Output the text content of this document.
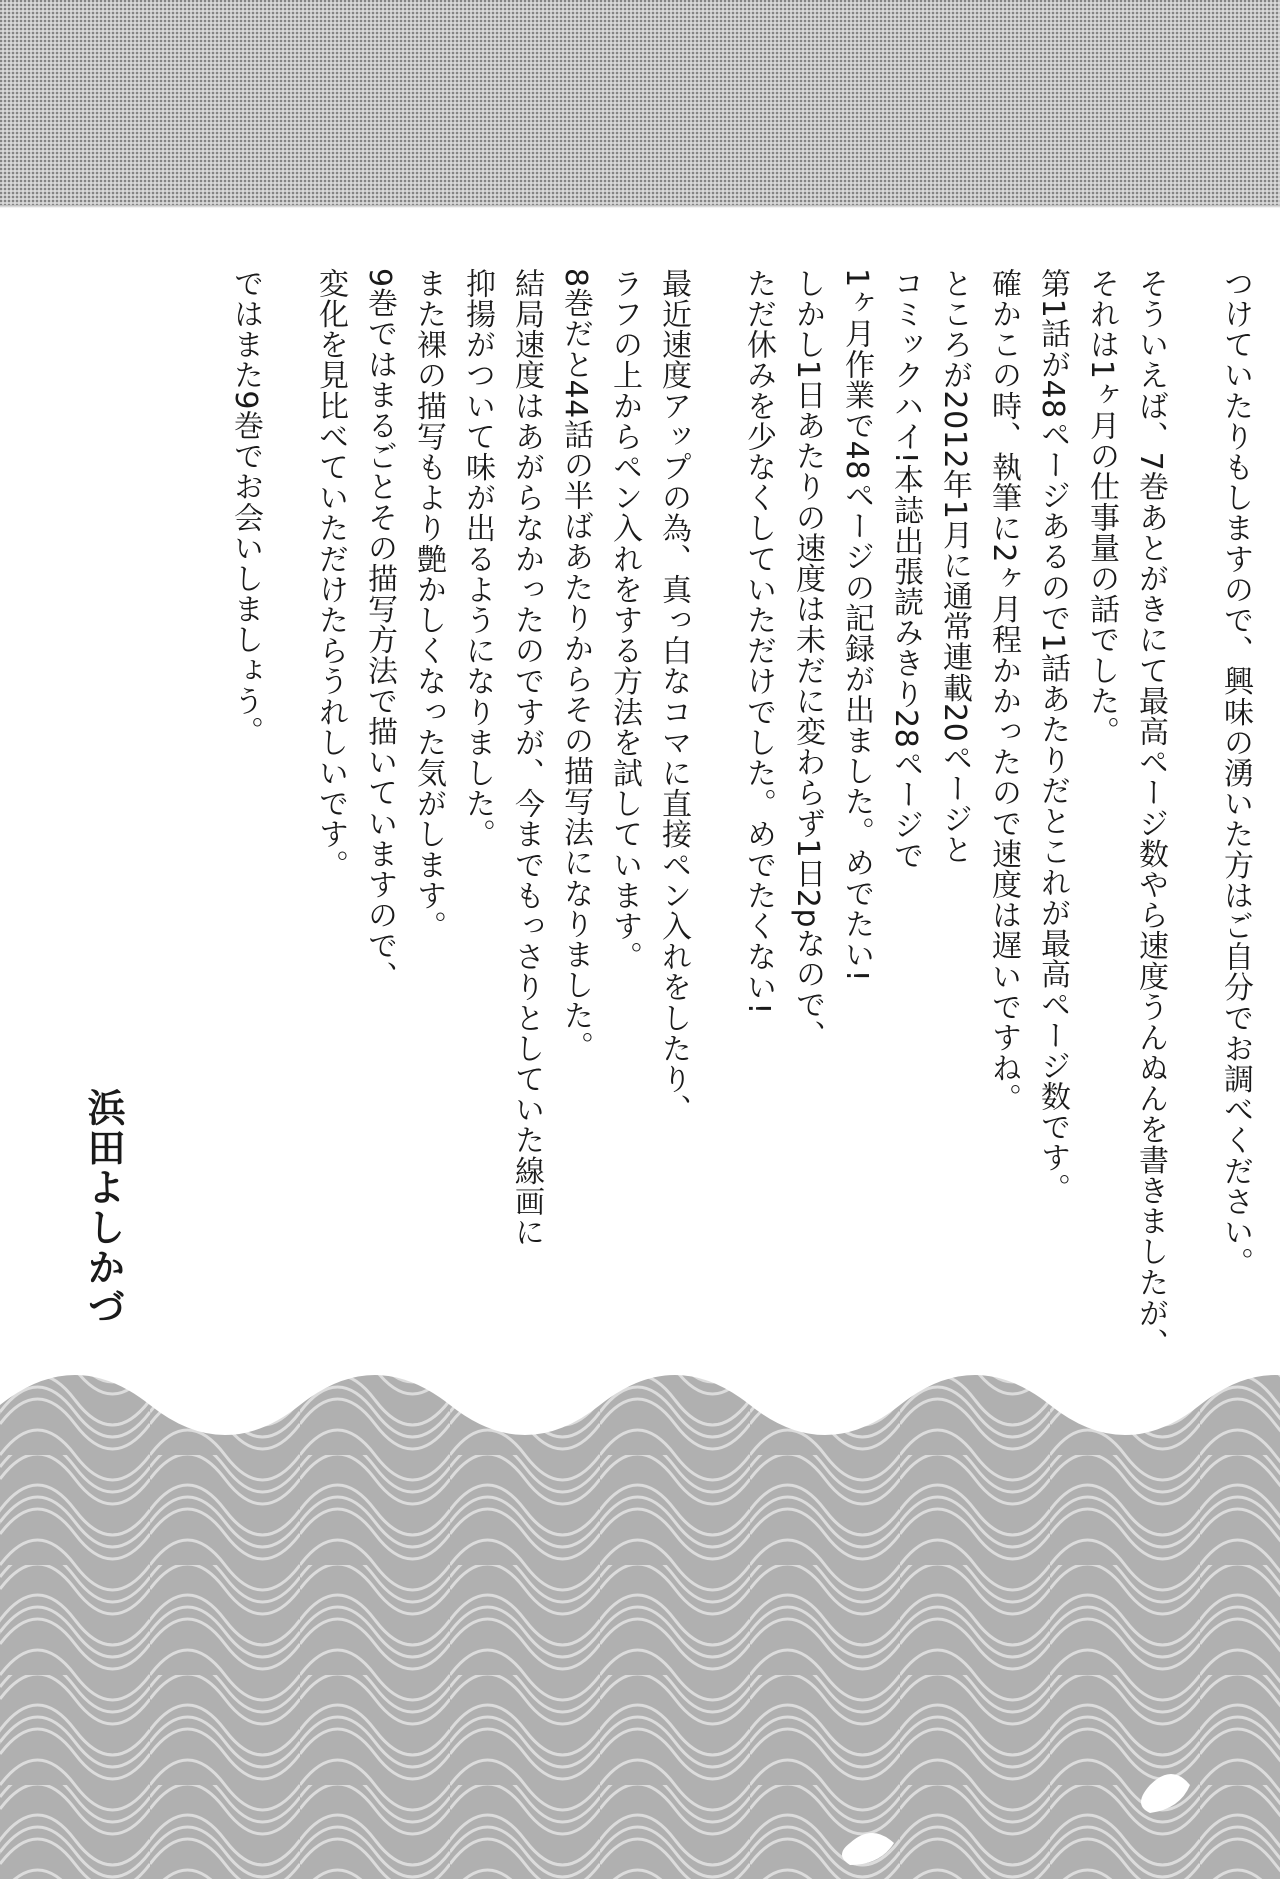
つけていたりもしますので、興味の湧いた方はご自分でお調べください。
そういえば、7巻あとがきにて最高ページ数やら速度うんぬんを書きましたが、
それは1ヶ月の仕事量の話でした。
第1話が48ページあるので1話あたりだとこれが最高ページ数です。
確かこの時、執筆に2ヶ月程かかったので速度は遅いですね。
ところが2012年1月に通常連載20ページと
コミックハイ!本誌出張読みきり28ページで
1ヶ月作業で48ページの記録が出ました。めでたい!
しかし1日あたりの速度は未だに変わらず1日2pなので、
ただ休みを少なくしていただけでした。めでたくない!
最近速度アップの為、真っ白なコマに直接ペン入れをしたり、
ラフの上からペン入れをする方法を試しています。
8巻だと44話の半ばあたりからその描写法になりました。
結局速度はあがらなかったのですが、今までもっさりとしていた線画に
抑揚がついて味が出るようになりました。
また裸の描写もより艶かしくなった気がします。
9巻ではまるごとその描写方法で描いていますので、
変化を見比べていただけたらうれしいです。
ではまた9巻でお会いしましょう。
浜田よしかづ
